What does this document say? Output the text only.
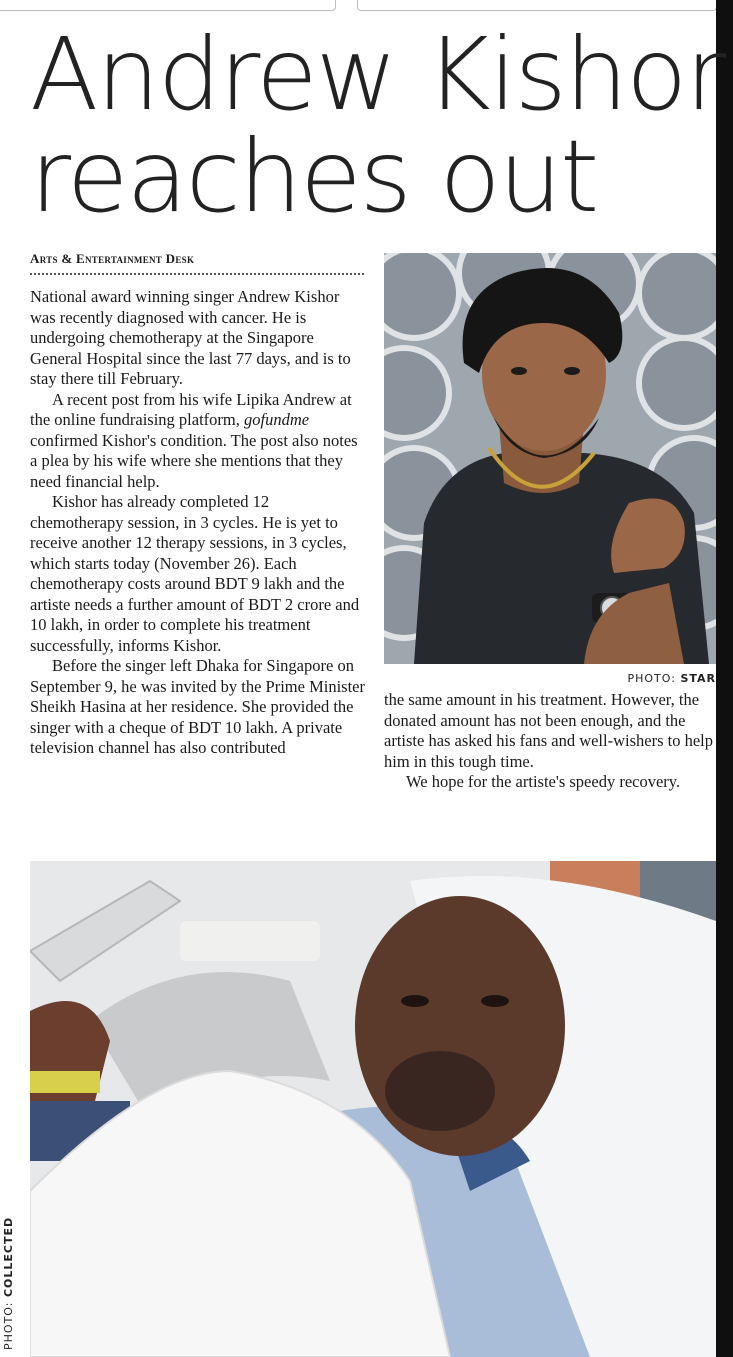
Andrew Kishor
reaches out
Arts & Entertainment Desk

National award winning singer Andrew Kishor was recently diagnosed with cancer. He is undergoing chemotherapy at the Singapore General Hospital since the last 77 days, and is to stay there till February.

A recent post from his wife Lipika Andrew at the online fundraising platform, gofundme confirmed Kishor's condition. The post also notes a plea by his wife where she mentions that they need financial help.

Kishor has already completed 12 chemotherapy session, in 3 cycles. He is yet to receive another 12 therapy sessions, in 3 cycles, which starts today (November 26). Each chemotherapy costs around BDT 9 lakh and the artiste needs a further amount of BDT 2 crore and 10 lakh, in order to complete his treatment successfully, informs Kishor.

Before the singer left Dhaka for Singapore on September 9, he was invited by the Prime Minister Sheikh Hasina at her residence. She provided the singer with a cheque of BDT 10 lakh. A private television channel has also contributed

the same amount in his treatment. However, the donated amount has not been enough, and the artiste has asked his fans and well-wishers to help him in this tough time.

We hope for the artiste's speedy recovery.

PHOTO: STAR
PHOTO: COLLECTED
